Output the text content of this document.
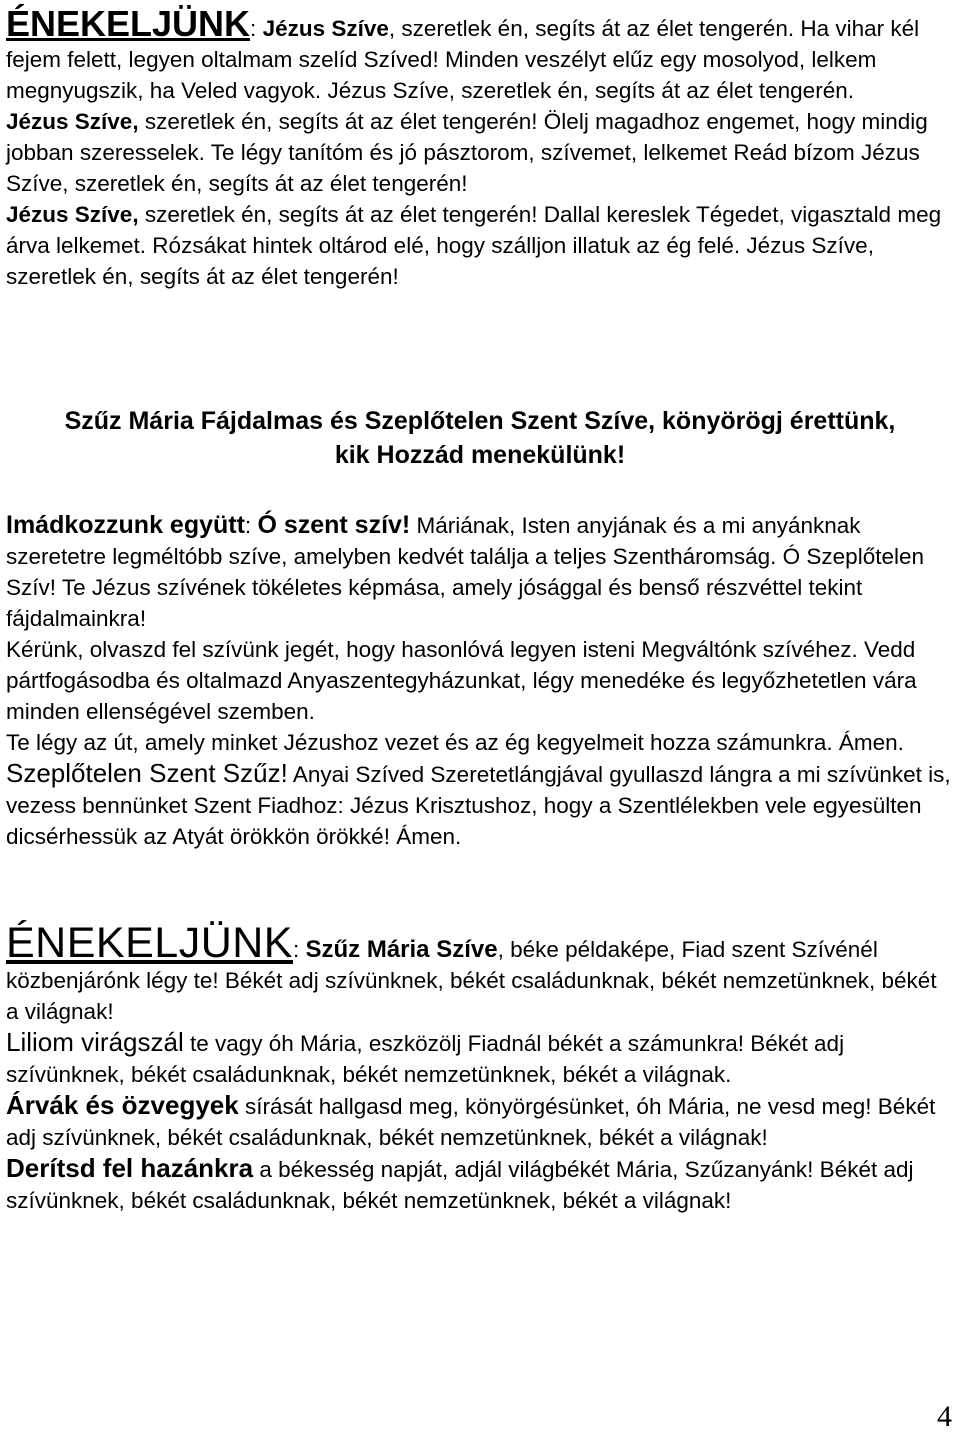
ÉNEKELJÜNK: Jézus Szíve, szeretlek én, segíts át az élet tengerén. Ha vihar kél fejem felett, legyen oltalmam szelíd Szíved! Minden veszélyt elűz egy mosolyod, lelkem megnyugszik, ha Veled vagyok. Jézus Szíve, szeretlek én, segíts át az élet tengerén.
Jézus Szíve, szeretlek én, segíts át az élet tengerén! Ölelj magadhoz engemet, hogy mindig jobban szeresselek. Te légy tanítóm és jó pásztorom, szívemet, lelkemet Reád bízom Jézus Szíve, szeretlek én, segíts át az élet tengerén!
Jézus Szíve, szeretlek én, segíts át az élet tengerén! Dallal kereslek Tégedet, vigasztald meg árva lelkemet. Rózsákat hintek oltárod elé, hogy szálljon illatuk az ég felé. Jézus Szíve, szeretlek én, segíts át az élet tengerén!

Szűz Mária Fájdalmas és Szeplőtelen Szent Szíve, könyörögj érettünk, kik Hozzád menekülünk!

Imádkozzunk együtt: Ó szent szív! Máriának, Isten anyjának és a mi anyánknak szeretetre legméltóbb szíve, amelyben kedvét találja a teljes Szentháromság. Ó Szeplőtelen Szív! Te Jézus szívének tökéletes képmása, amely jósággal és benső részvéttel tekint fájdalmainkra!

Kérünk, olvaszd fel szívünk jegét, hogy hasonlóvá legyen isteni Megváltónk szívéhez. Vedd pártfogásodba és oltalmazd Anyaszentegyházunkat, légy menedéke és legyőzhetetlen vára minden ellenségével szemben.

Te légy az út, amely minket Jézushoz vezet és az ég kegyelmeit hozza számunkra. Ámen.

Szeplőtelen Szent Szűz! Anyai Szíved Szeretetlángjával gyullaszd lángra a mi szívünket is, vezess bennünket Szent Fiadhoz: Jézus Krisztushoz, hogy a Szentlélekben vele egyesülten dicsérhessük az Atyát örökkön örökké! Ámen.

ÉNEKELJÜNK: Szűz Mária Szíve, béke példaképe, Fiad szent Szívénél közbenjárónk légy te! Békét adj szívünknek, békét családunknak, békét nemzetünknek, békét a világnak!

Liliom virágszál te vagy óh Mária, eszközölj Fiadnál békét a számunkra! Békét adj szívünknek, békét családunknak, békét nemzetünknek, békét a világnak.

Árvák és özvegyek sírását hallgasd meg, könyörgésünket, óh Mária, ne vesd meg! Békét adj szívünknek, békét családunknak, békét nemzetünknek, békét a világnak!

Derítsd fel hazánkra a békesség napját, adjál világbékét Mária, Szűzanyánk! Békét adj szívünknek, békét családunknak, békét nemzetünknek, békét a világnak!

4
